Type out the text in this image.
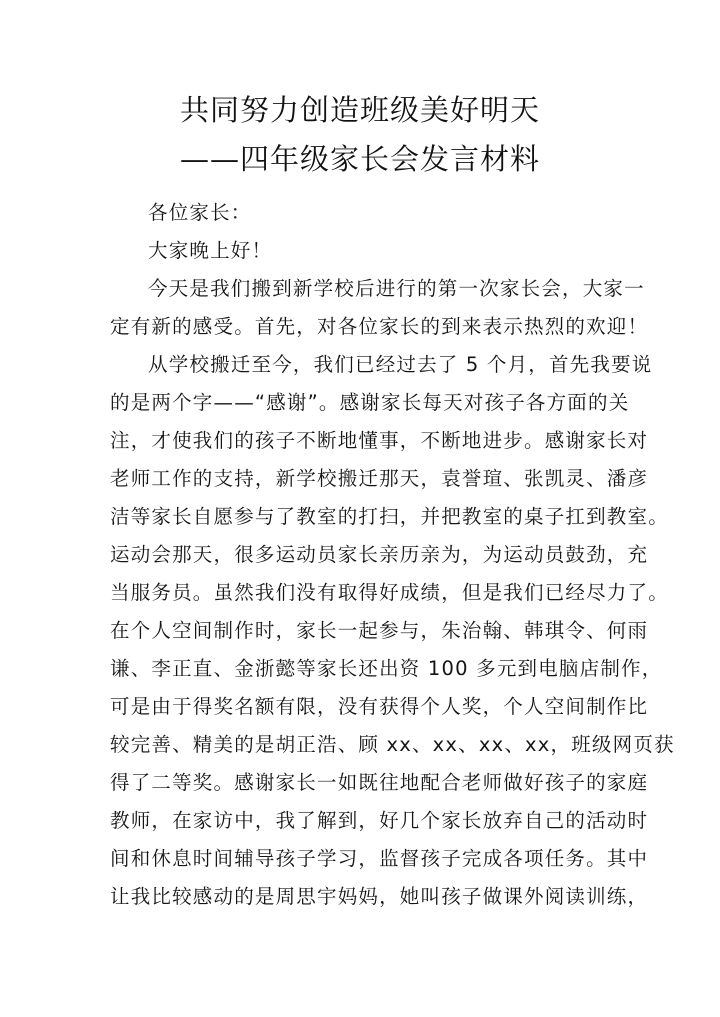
共同努力创造班级美好明天
——四年级家长会发言材料
各位家长：
大家晚上好！
今天是我们搬到新学校后进行的第一次家长会，大家一
定有新的感受。首先，对各位家长的到来表示热烈的欢迎！
从学校搬迁至今，我们已经过去了 5 个月，首先我要说
的是两个字——“感谢”。感谢家长每天对孩子各方面的关
注，才使我们的孩子不断地懂事，不断地进步。感谢家长对
老师工作的支持，新学校搬迁那天，袁誉瑄、张凯灵、潘彦
洁等家长自愿参与了教室的打扫，并把教室的桌子扛到教室。
运动会那天，很多运动员家长亲历亲为，为运动员鼓劲，充
当服务员。虽然我们没有取得好成绩，但是我们已经尽力了。
在个人空间制作时，家长一起参与，朱治翰、韩琪令、何雨
谦、李正直、金浙懿等家长还出资 100 多元到电脑店制作，
可是由于得奖名额有限，没有获得个人奖，个人空间制作比
较完善、精美的是胡正浩、顾 xx、xx、xx、xx，班级网页获
得了二等奖。感谢家长一如既往地配合老师做好孩子的家庭
教师，在家访中，我了解到，好几个家长放弃自己的活动时
间和休息时间辅导孩子学习，监督孩子完成各项任务。其中
让我比较感动的是周思宇妈妈，她叫孩子做课外阅读训练，
